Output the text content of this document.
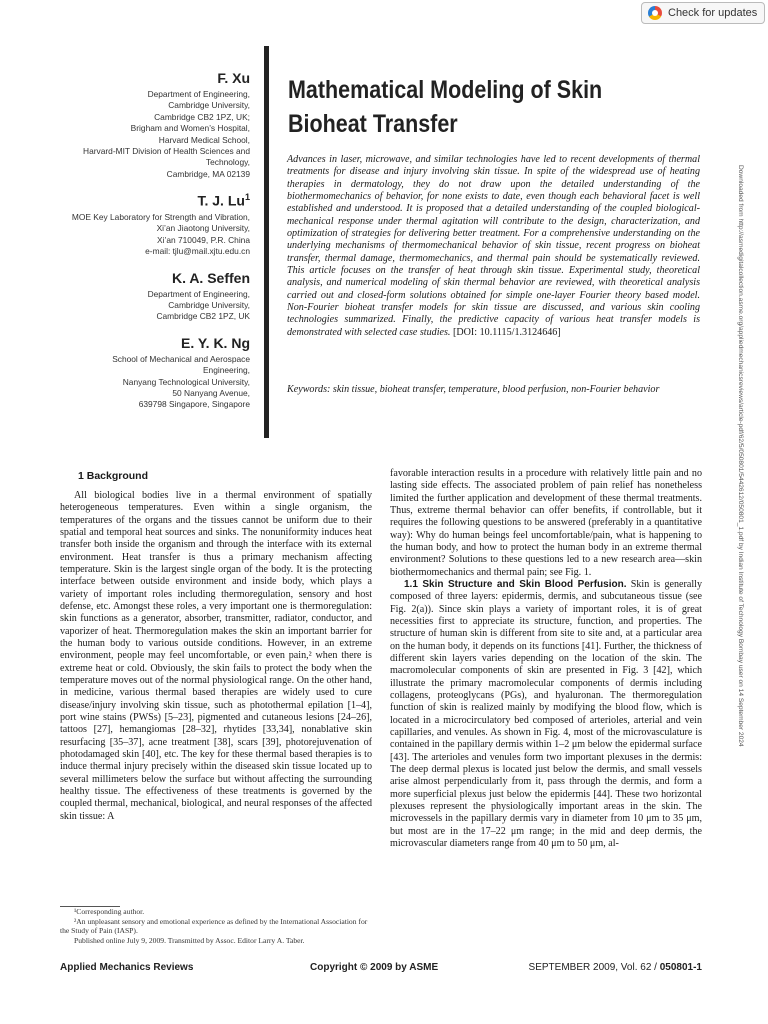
Check for updates
F. Xu
Department of Engineering,
Cambridge University,
Cambridge CB2 1PZ, UK;
Brigham and Women’s Hospital,
Harvard Medical School,
Harvard-MIT Division of Health Sciences and
Technology,
Cambridge, MA 02139
T. J. Lu$^1$
MOE Key Laboratory for Strength and Vibration,
Xi’an Jiaotong University,
Xi’an 710049, P.R. China
e-mail: tjlu@mail.xjtu.edu.cn
K. A. Seffen
Department of Engineering,
Cambridge University,
Cambridge CB2 1PZ, UK
E. Y. K. Ng
School of Mechanical and Aerospace
Engineering,
Nanyang Technological University,
50 Nanyang Avenue,
639798 Singapore, Singapore
Mathematical Modeling of Skin
Bioheat Transfer
Advances in laser, microwave, and similar technologies have led to recent developments of thermal treatments for disease and injury involving skin tissue. In spite of the widespread use of heating therapies in dermatology, they do not draw upon the detailed understanding of the biothermomechanics of behavior, for none exists to date, even though each behavioral facet is well established and understood. It is proposed that a detailed understanding of the coupled biological-mechanical response under thermal agitation will contribute to the design, characterization, and optimization of strategies for delivering better treatment. For a comprehensive understanding on the underlying mechanisms of thermomechanical behavior of skin tissue, recent progress on bioheat transfer, thermal damage, thermomechanics, and thermal pain should be systematically reviewed. This article focuses on the transfer of heat through skin tissue. Experimental study, theoretical analysis, and numerical modeling of skin thermal behavior are reviewed, with theoretical analysis carried out and closed-form solutions obtained for simple one-layer Fourier theory based model. Non-Fourier bioheat transfer models for skin tissue are discussed, and various skin cooling technologies summarized. Finally, the predictive capacity of various heat transfer models is demonstrated with selected case studies. [DOI: 10.1115/1.3124646]
Keywords: skin tissue, bioheat transfer, temperature, blood perfusion, non-Fourier behavior	Downloaded from http://asmedigitalcollection.asme.org/appliedmechanicsreviews/article-pdf/62/5/050801/5442612/050801_1.pdf by Indian Institute of Technology Bombay user on 14 September 2024
1 Background

All biological bodies live in a thermal environment of spatially heterogeneous temperatures. Even within a single organism, the temperatures of the organs and the tissues cannot be uniform due to their spatial and temporal heat sources and sinks. The nonuniformity induces heat transfer both inside the organism and through the interface with its external environment. Heat transfer is thus a primary mechanism affecting temperature. Skin is the largest single organ of the body. It is the protecting interface between outside environment and inside body, which plays a variety of important roles including thermoregulation, sensory and host defense, etc. Amongst these roles, a very important one is thermoregulation: skin functions as a generator, absorber, transmitter, radiator, conductor, and vaporizer of heat. Thermoregulation makes the skin an important barrier for the human body to various outside conditions. However, in an extreme environment, people may feel uncomfortable, or even pain,² when there is extreme heat or cold. Obviously, the skin fails to protect the body when the temperature moves out of the normal physiological range. On the other hand, in medicine, various thermal based therapies are widely used to cure disease/injury involving skin tissue, such as photothermal epilation [1–4], port wine stains (PWSs) [5–23], pigmented and cutaneous lesions [24–26], tattoos [27], hemangiomas [28–32], rhytides [33,34], nonablative skin resurfacing [35–37], acne treatment [38], scars [39], photorejuvenation of photodamaged skin [40], etc. The key for these thermal based therapies is to induce thermal injury precisely within the diseased skin tissue located up to several millimeters below the surface but without affecting the surrounding healthy tissue. The effectiveness of these treatments is governed by the coupled thermal, mechanical, biological, and neural responses of the affected skin tissue: A

favorable interaction results in a procedure with relatively little pain and no lasting side effects. The associated problem of pain relief has nonetheless limited the further application and development of these thermal treatments. Thus, extreme thermal behavior can offer benefits, if controllable, but it requires the following questions to be answered (preferably in a quantitative way): Why do human beings feel uncomfortable/pain, what is happening to the human body, and how to protect the human body in an extreme thermal environment? Solutions to these questions led to a new research area—skin biothermomechanics and thermal pain; see Fig. 1.

1.1 Skin Structure and Skin Blood Perfusion. Skin is generally composed of three layers: epidermis, dermis, and subcutaneous tissue (see Fig. 2(a)). Since skin plays a variety of important roles, it is of great necessities first to appreciate its structure, function, and properties. The structure of human skin is different from site to site and, at a particular area on the human body, it depends on its functions [41]. Further, the thickness of different skin layers varies depending on the location of the skin. The macromolecular components of skin are presented in Fig. 3 [42], which illustrate the primary macromolecular components of dermis including collagens, proteoglycans (PGs), and hyaluronan. The thermoregulation function of skin is realized mainly by modifying the blood flow, which is located in a microcirculatory bed composed of arterioles, arterial and vein capillaries, and venules. As shown in Fig. 4, most of the microvasculature is contained in the papillary dermis within 1–2 μm below the epidermal surface [43]. The arterioles and venules form two important plexuses in the dermis: The deep dermal plexus is located just below the dermis, and small vessels arise almost perpendicularly from it, pass through the dermis, and form a more superficial plexus just below the epidermis [44]. These two horizontal plexuses represent the physiologically important areas in the skin. The microvessels in the papillary dermis vary in diameter from 10 μm to 35 μm, but most are in the 17–22 μm range; in the mid and deep dermis, the microvascular diameters range from 40 μm to 50 μm, al-

¹Corresponding author.
²An unpleasant sensory and emotional experience as defined by the International Association for the Study of Pain (IASP).
Published online July 9, 2009. Transmitted by Assoc. Editor Larry A. Taber.
Applied Mechanics Reviews	Copyright © 2009 by ASME	SEPTEMBER 2009, Vol. 62 / 050801-1
